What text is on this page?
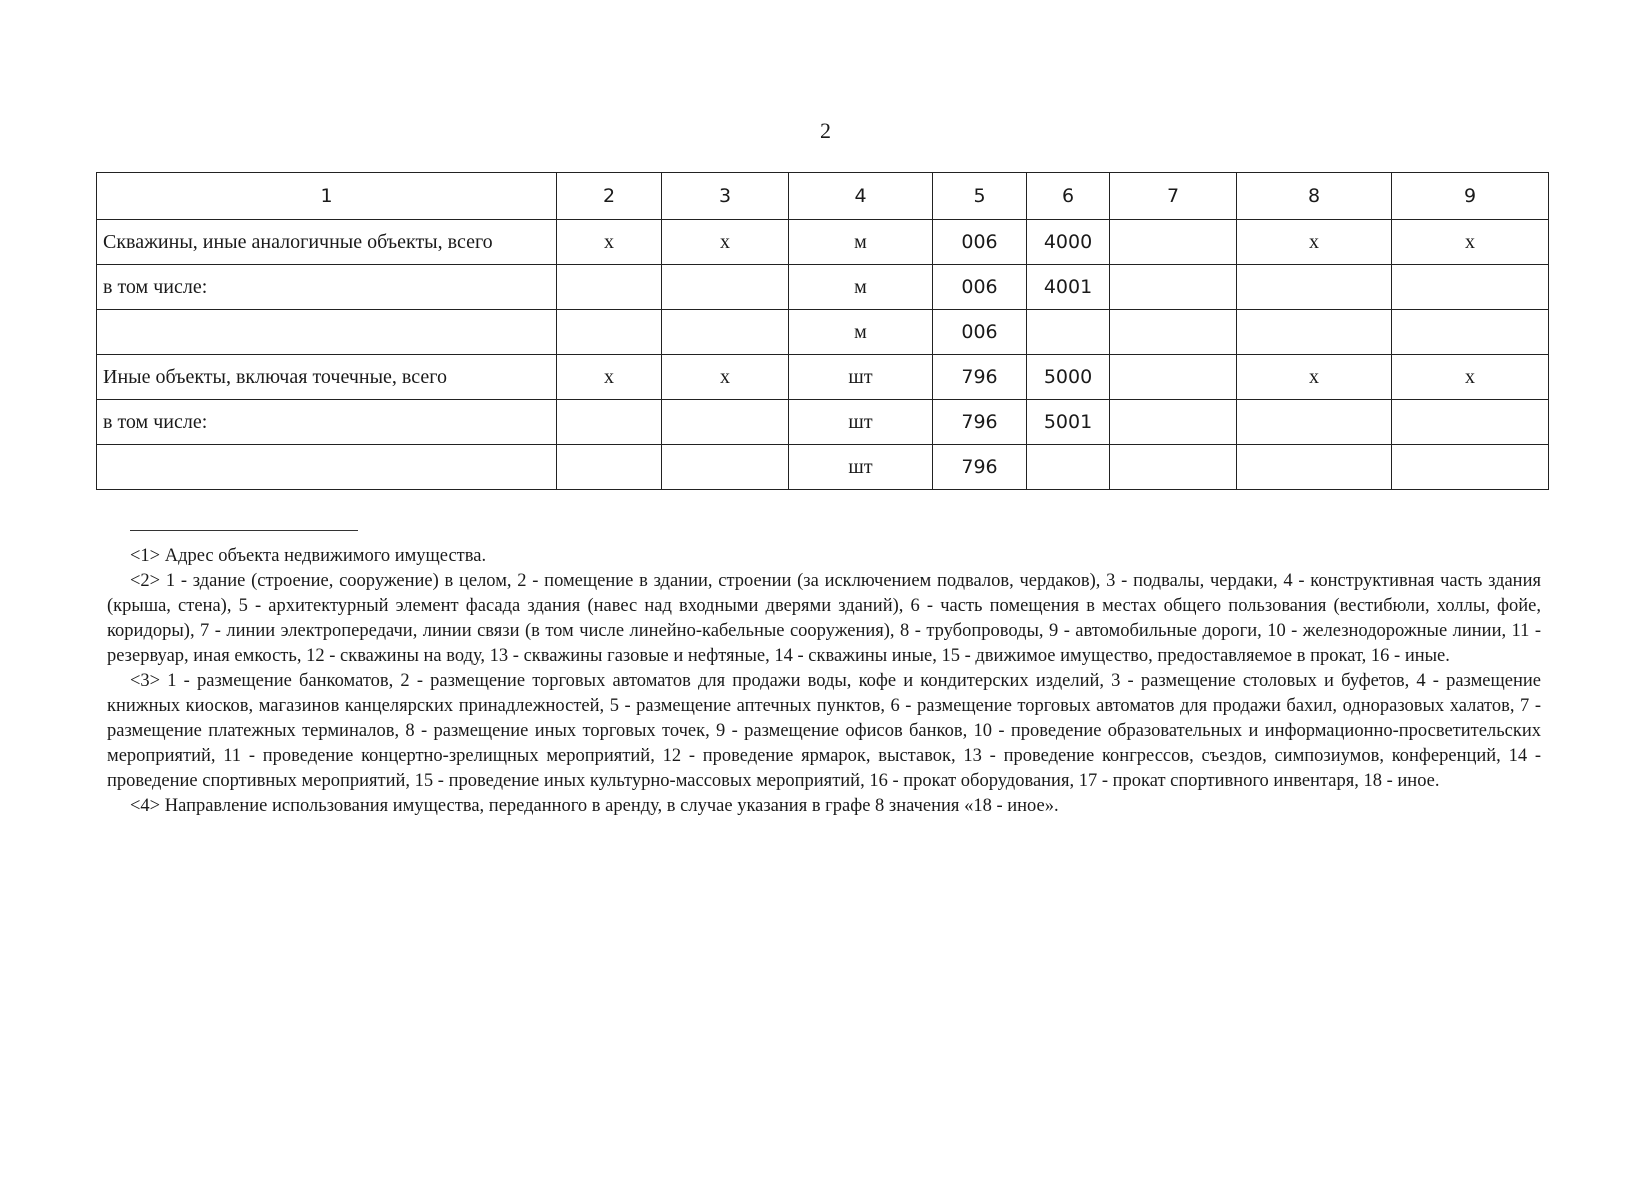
2
1	2	3	4	5	6	7	8	9
Скважины, иные аналогичные объекты, всего	x	x	м	006	4000		x	x
в том числе:			м	006	4001			
			м	006				
Иные объекты, включая точечные, всего	x	x	шт	796	5000		x	x
в том числе:			шт	796	5001			
			шт	796				

<1> Адрес объекта недвижимого имущества.

<2> 1 - здание (строение, сооружение) в целом, 2 - помещение в здании, строении (за исключением подвалов, чердаков), 3 - подвалы, чердаки, 4 - конструктивная часть здания (крыша, стена), 5 - архитектурный элемент фасада здания (навес над входными дверями зданий), 6 - часть помещения в местах общего пользования (вестибюли, холлы, фойе, коридоры), 7 - линии электропередачи, линии связи (в том числе линейно-кабельные сооружения), 8 - трубопроводы, 9 - автомобильные дороги, 10 - железнодорожные линии, 11 - резервуар, иная емкость, 12 - скважины на воду, 13 - скважины газовые и нефтяные, 14 - скважины иные, 15 - движимое имущество, предоставляемое в прокат, 16 - иные.

<3> 1 - размещение банкоматов, 2 - размещение торговых автоматов для продажи воды, кофе и кондитерских изделий, 3 - размещение столовых и буфетов, 4 - размещение книжных киосков, магазинов канцелярских принадлежностей, 5 - размещение аптечных пунктов, 6 - размещение торговых автоматов для продажи бахил, одноразовых халатов, 7 - размещение платежных терминалов, 8 - размещение иных торговых точек, 9 - размещение офисов банков, 10 - проведение образовательных и информационно-просветительских мероприятий, 11 - проведение концертно-зрелищных мероприятий, 12 - проведение ярмарок, выставок, 13 - проведение конгрессов, съездов, симпозиумов, конференций, 14 - проведение спортивных мероприятий, 15 - проведение иных культурно-массовых мероприятий, 16 - прокат оборудования, 17 - прокат спортивного инвентаря, 18 - иное.

<4> Направление использования имущества, переданного в аренду, в случае указания в графе 8 значения «18 - иное».
